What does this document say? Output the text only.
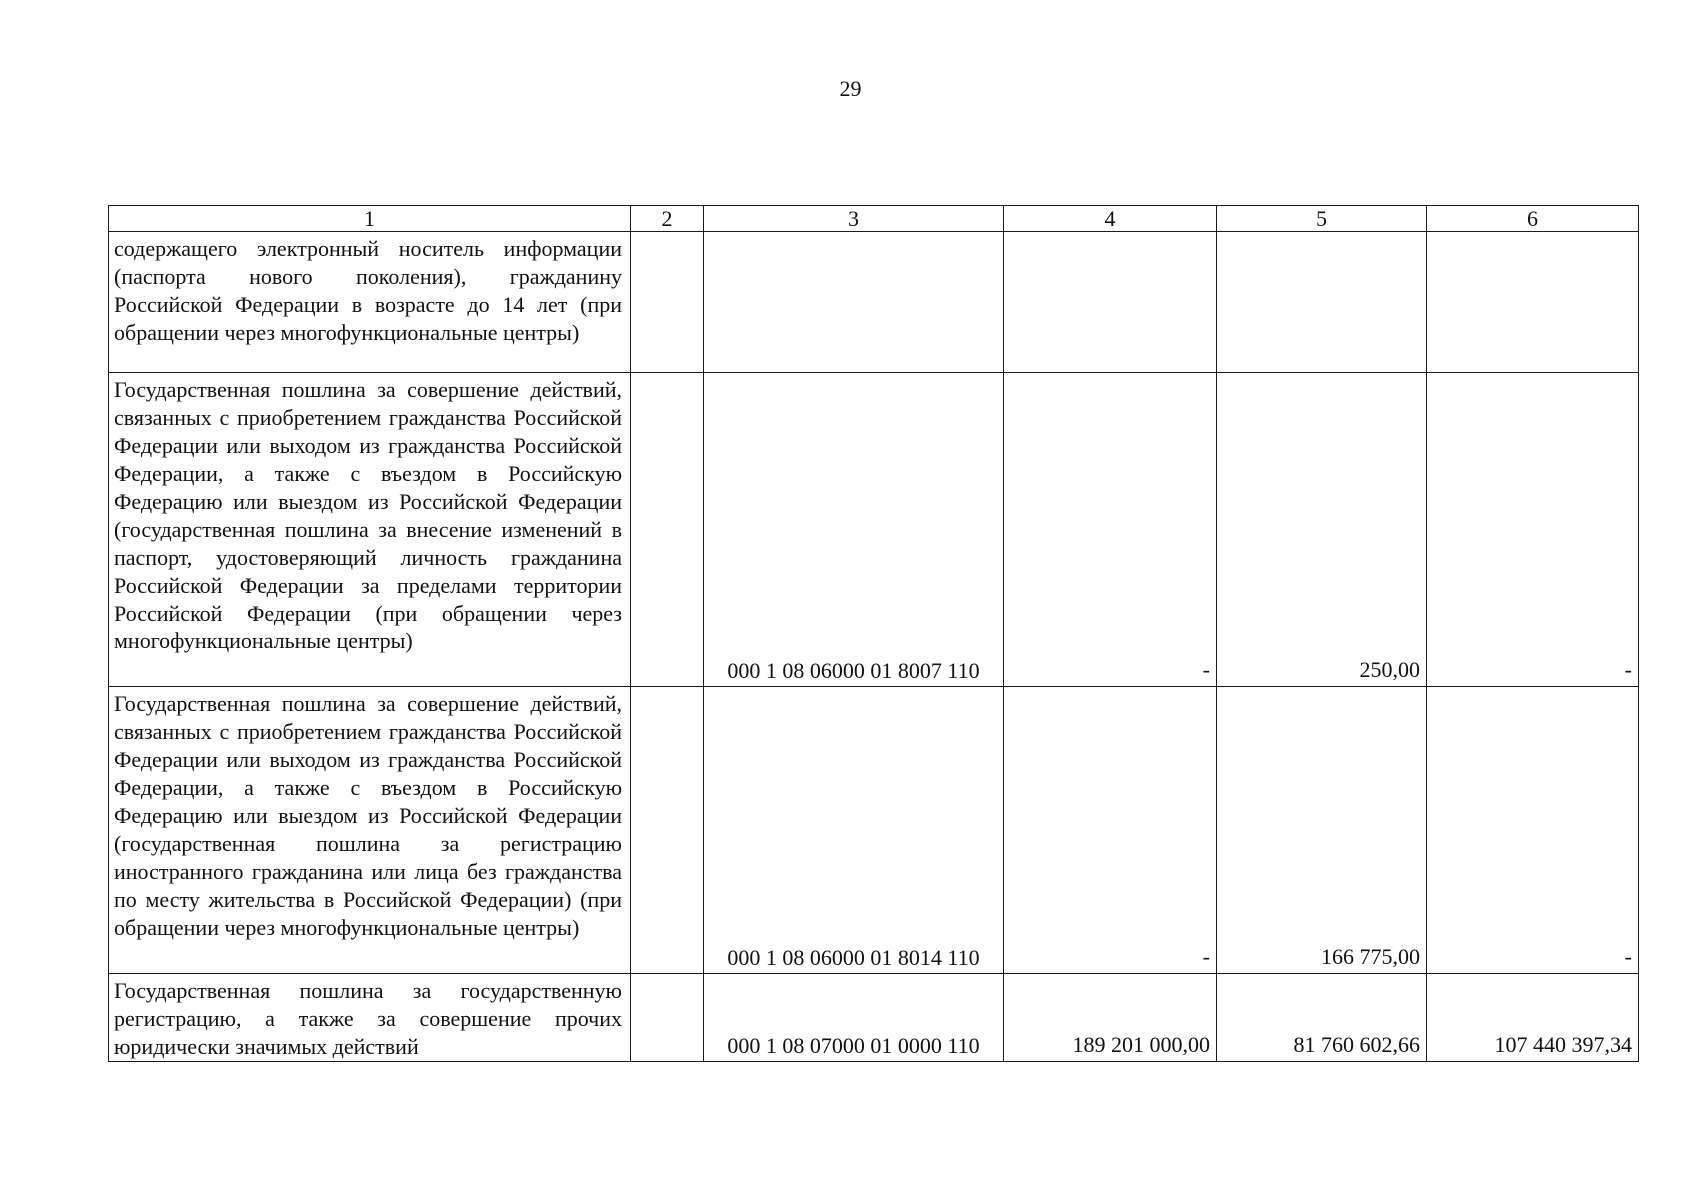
29
1	2	3	4	5	6
содержащего электронный носитель информации (паспорта нового поколения), гражданину Российской Федерации в возрасте до 14 лет (при обращении через многофункциональные центры)					
Государственная пошлина за совершение действий, связанных с приобретением гражданства Российской Федерации или выходом из гражданства Российской Федерации, а также с въездом в Российскую Федерацию или выездом из Российской Федерации (государственная пошлина за внесение изменений в паспорт, удостоверяющий личность гражданина Российской Федерации за пределами территории Российской Федерации (при обращении через многофункциональные центры)		000 1 08 06000 01 8007 110	-	250,00	-
Государственная пошлина за совершение действий, связанных с приобретением гражданства Российской Федерации или выходом из гражданства Российской Федерации, а также с въездом в Российскую Федерацию или выездом из Российской Федерации (государственная пошлина за регистрацию иностранного гражданина или лица без гражданства по месту жительства в Российской Федерации) (при обращении через многофункциональные центры)		000 1 08 06000 01 8014 110	-	166 775,00	-
Государственная пошлина за государственную регистрацию, а также за совершение прочих юридически значимых действий		000 1 08 07000 01 0000 110	189 201 000,00	81 760 602,66	107 440 397,34
